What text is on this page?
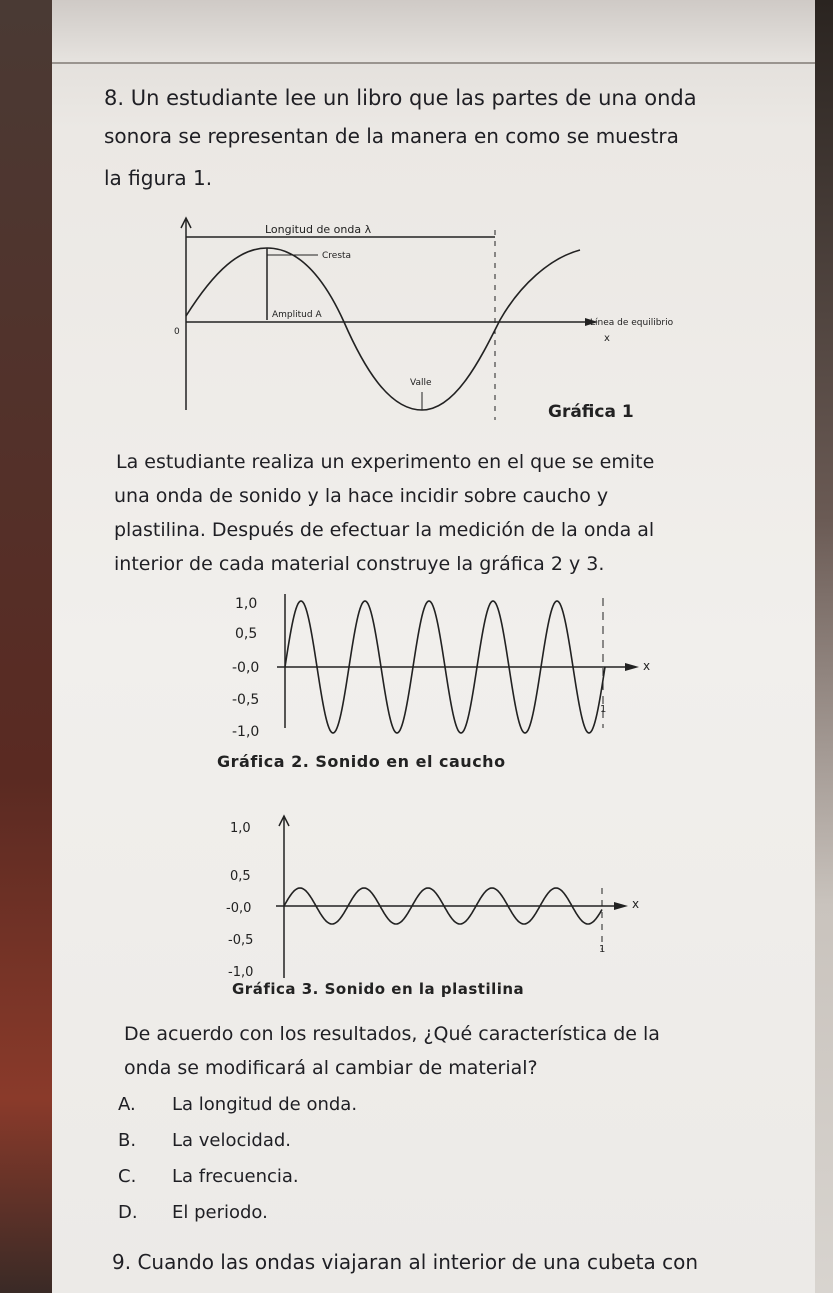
8. Un estudiante lee un libro que las partes de una onda
sonora se representan de la manera en como se muestra
la figura 1.
Longitud de onda λ
Cresta
Amplitud A
Línea de equilibrio
x
0
Valle
Gráfica 1
La estudiante realiza un experimento en el que se emite
una onda de sonido y la hace incidir sobre caucho y
plastilina. Después de efectuar la medición de la onda al
interior de cada material construye la gráfica 2 y 3.
1,0
0,5
-0,0
-0,5
-1,0
x
1
Gráfica 2. Sonido en el caucho
1,0
0,5
-0,0
-0,5
-1,0
x
1
Gráfica 3. Sonido en la plastilina
De acuerdo con los resultados, ¿Qué característica de la
onda se modificará al cambiar de material?
A. La longitud de onda.
B. La velocidad.
C. La frecuencia.
D. El periodo.
9. Cuando las ondas viajaran al interior de una cubeta con
